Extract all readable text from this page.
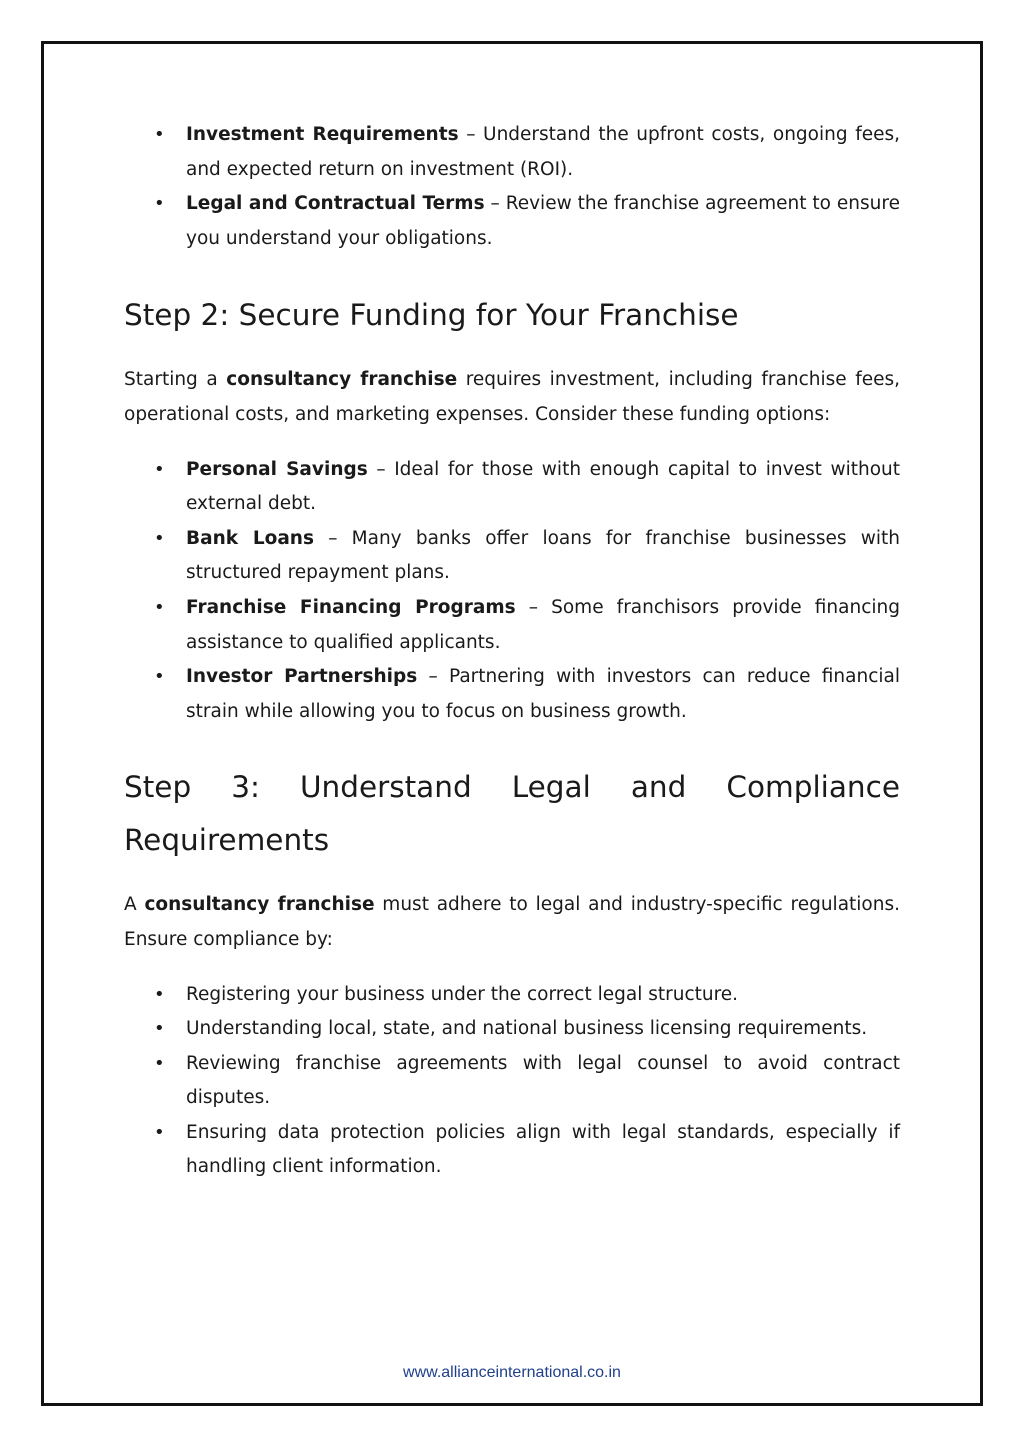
• Investment Requirements – Understand the upfront costs, ongoing fees, and expected return on investment (ROI).
• Legal and Contractual Terms – Review the franchise agreement to ensure you understand your obligations.
Step 2: Secure Funding for Your Franchise

Starting a consultancy franchise requires investment, including franchise fees, operational costs, and marketing expenses. Consider these funding options:

• Personal Savings – Ideal for those with enough capital to invest without external debt.
• Bank Loans – Many banks offer loans for franchise businesses with structured repayment plans.
• Franchise Financing Programs – Some franchisors provide financing assistance to qualified applicants.
• Investor Partnerships – Partnering with investors can reduce financial strain while allowing you to focus on business growth.
Step 3: Understand Legal and Compliance
Requirements

A consultancy franchise must adhere to legal and industry-specific regulations. Ensure compliance by:

• Registering your business under the correct legal structure.
• Understanding local, state, and national business licensing requirements.
• Reviewing franchise agreements with legal counsel to avoid contract disputes.
• Ensuring data protection policies align with legal standards, especially if handling client information.
www.allianceinternational.co.in
